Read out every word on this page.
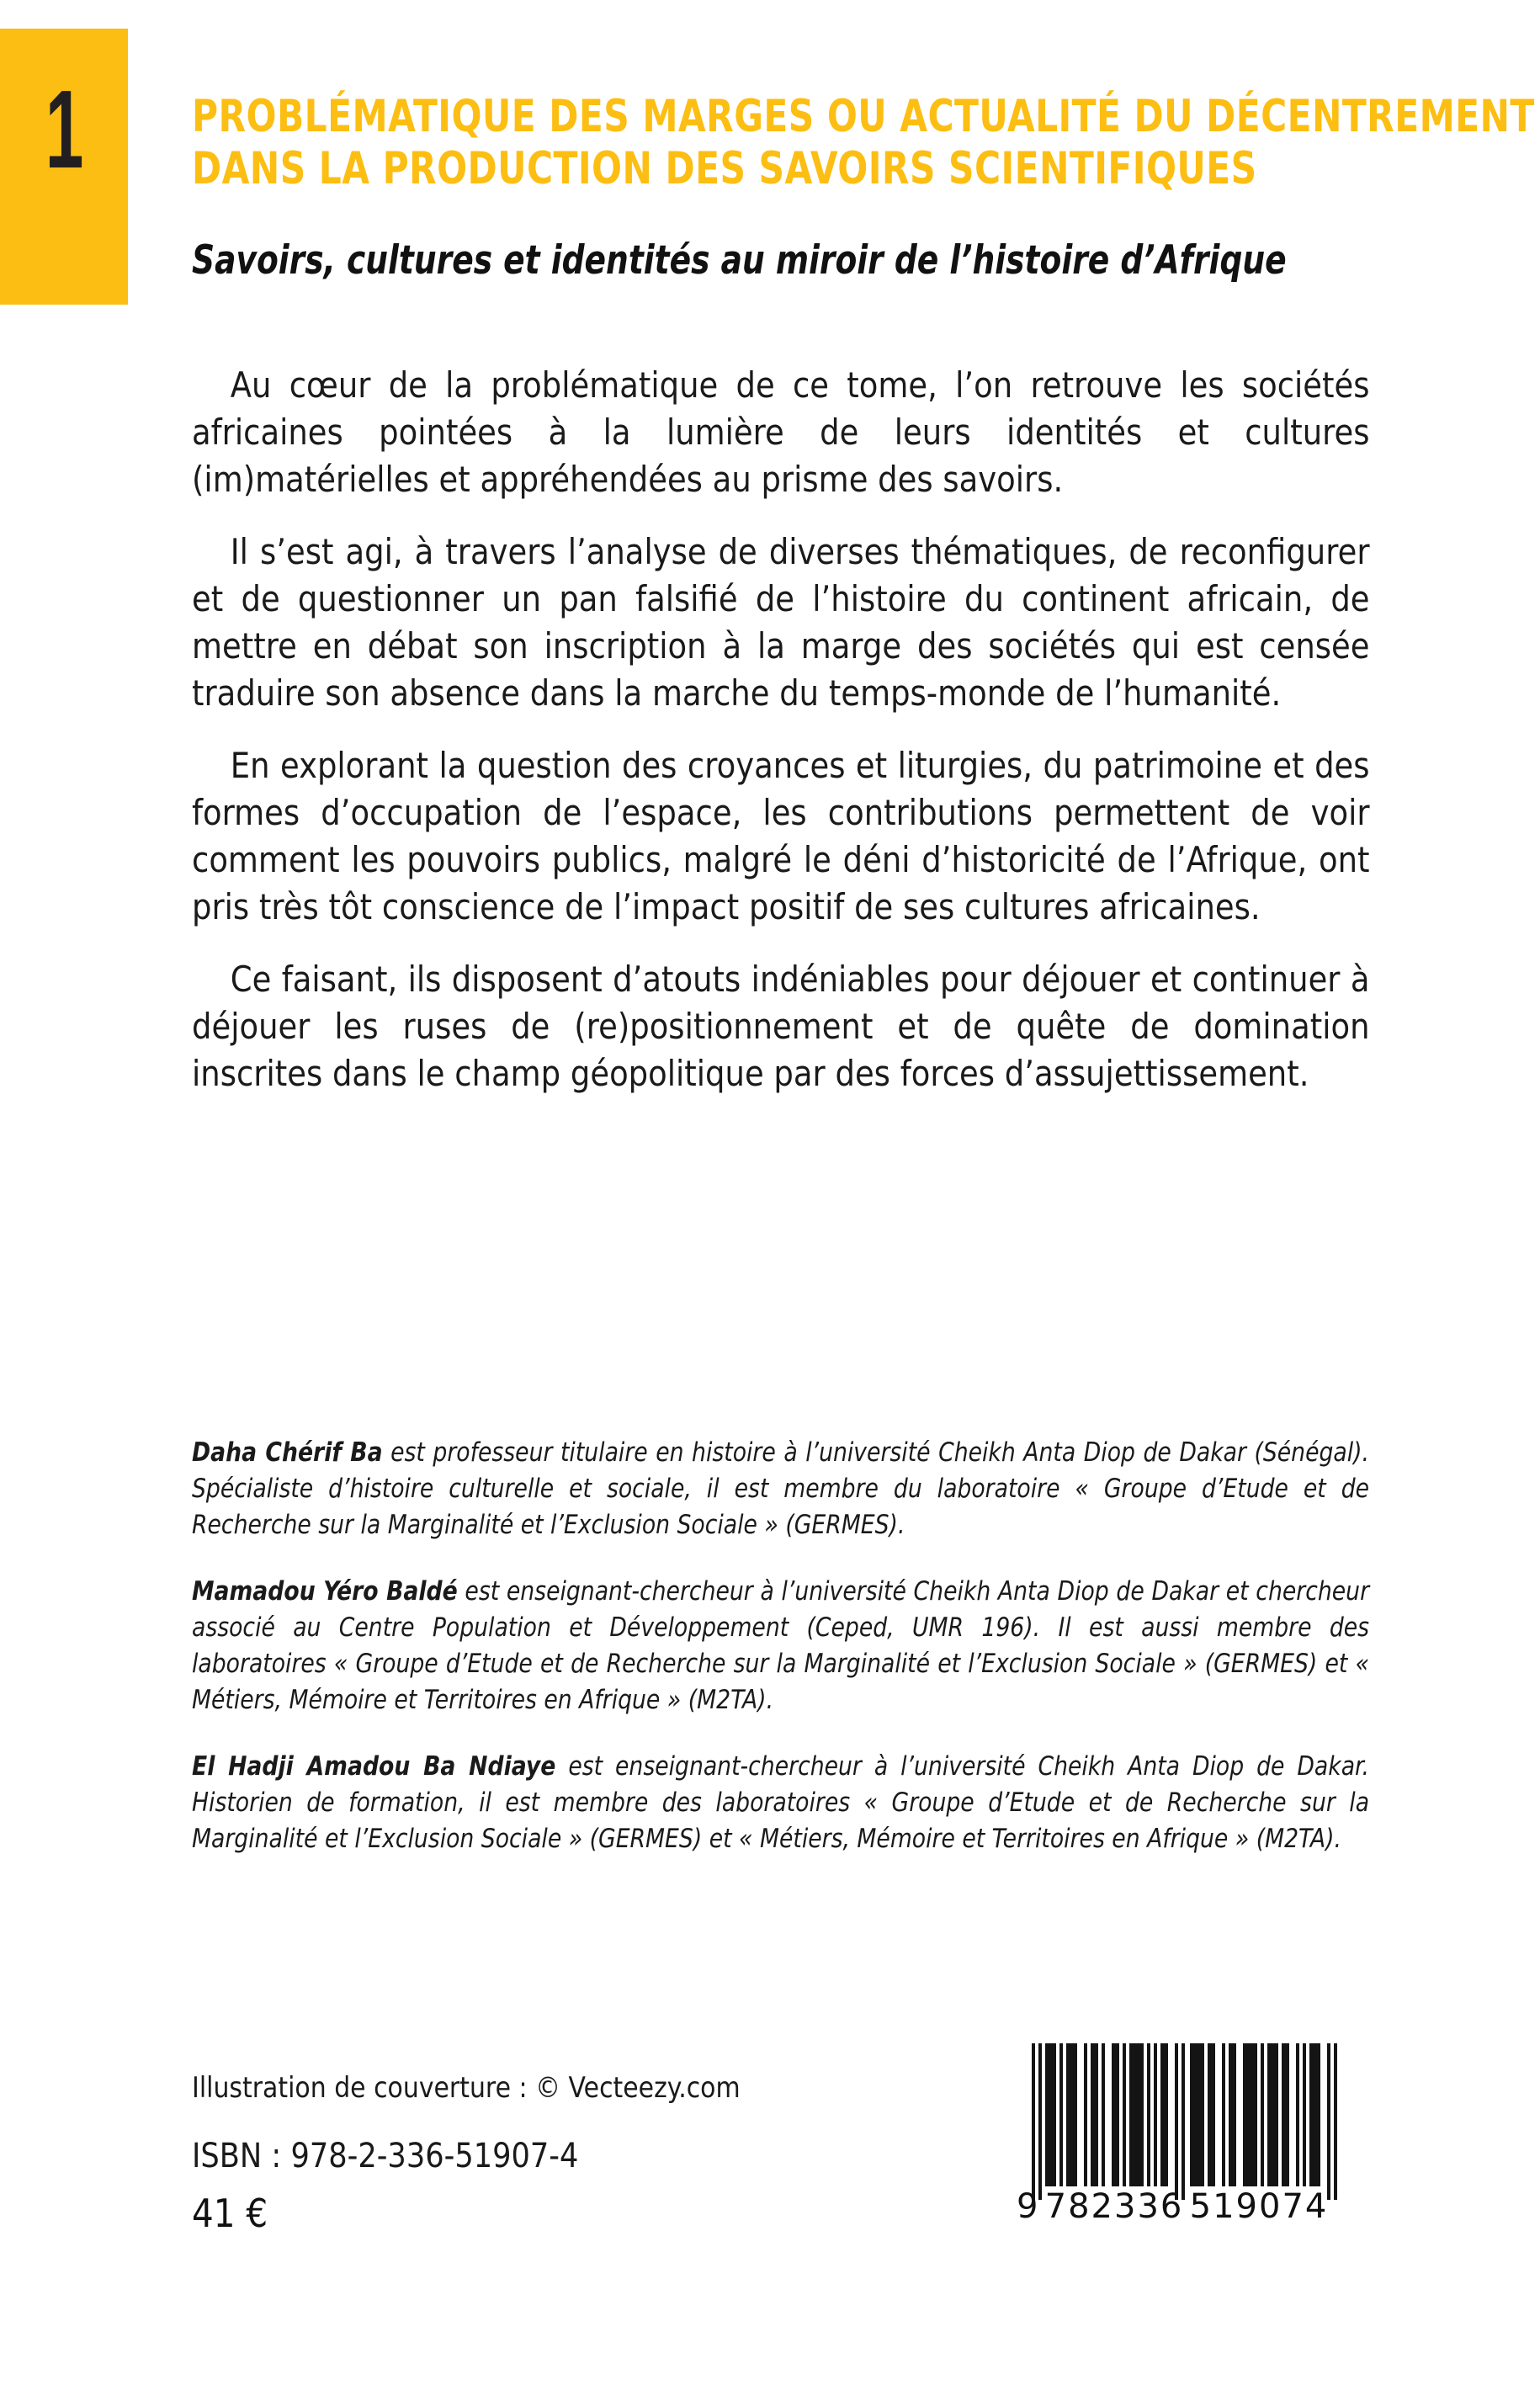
1	PROBLÉMATIQUE DES MARGES OU ACTUALITÉ DU DÉCENTREMENT
DANS LA PRODUCTION DES SAVOIRS SCIENTIFIQUES
Savoirs, cultures et identités au miroir de l’histoire d’Afrique

Au cœur de la problématique de ce tome, l’on retrouve les sociétés africaines pointées à la lumière de leurs identités et cultures (im)matérielles et appréhendées au prisme des savoirs.

Il s’est agi, à travers l’analyse de diverses thématiques, de reconfigurer et de questionner un pan falsifié de l’histoire du continent africain, de mettre en débat son inscription à la marge des sociétés qui est censée traduire son absence dans la marche du temps-monde de l’humanité.

En explorant la question des croyances et liturgies, du patrimoine et des formes d’occupation de l’espace, les contributions permettent de voir comment les pouvoirs publics, malgré le déni d’historicité de l’Afrique, ont pris très tôt conscience de l’impact positif de ses cultures africaines.

Ce faisant, ils disposent d’atouts indéniables pour déjouer et continuer à déjouer les ruses de (re)positionnement et de quête de domination inscrites dans le champ géopolitique par des forces d’assujettissement.

Daha Chérif Ba est professeur titulaire en histoire à l’université Cheikh Anta Diop de Dakar (Sénégal). Spécialiste d’histoire culturelle et sociale, il est membre du laboratoire « Groupe d’Etude et de Recherche sur la Marginalité et l’Exclusion Sociale » (GERMES).

Mamadou Yéro Baldé est enseignant-chercheur à l’université Cheikh Anta Diop de Dakar et chercheur associé au Centre Population et Développement (Ceped, UMR 196). Il est aussi membre des laboratoires « Groupe d’Etude et de Recherche sur la Marginalité et l’Exclusion Sociale » (GERMES) et « Métiers, Mémoire et Territoires en Afrique » (M2TA).

El Hadji Amadou Ba Ndiaye est enseignant-chercheur à l’université Cheikh Anta Diop de Dakar. Historien de formation, il est membre des laboratoires « Groupe d’Etude et de Recherche sur la Marginalité et l’Exclusion Sociale » (GERMES) et « Métiers, Mémoire et Territoires en Afrique » (M2TA).

Illustration de couverture : © Vecteezy.com
ISBN : 978-2-336-51907-4
41 €	9 782336 519074
